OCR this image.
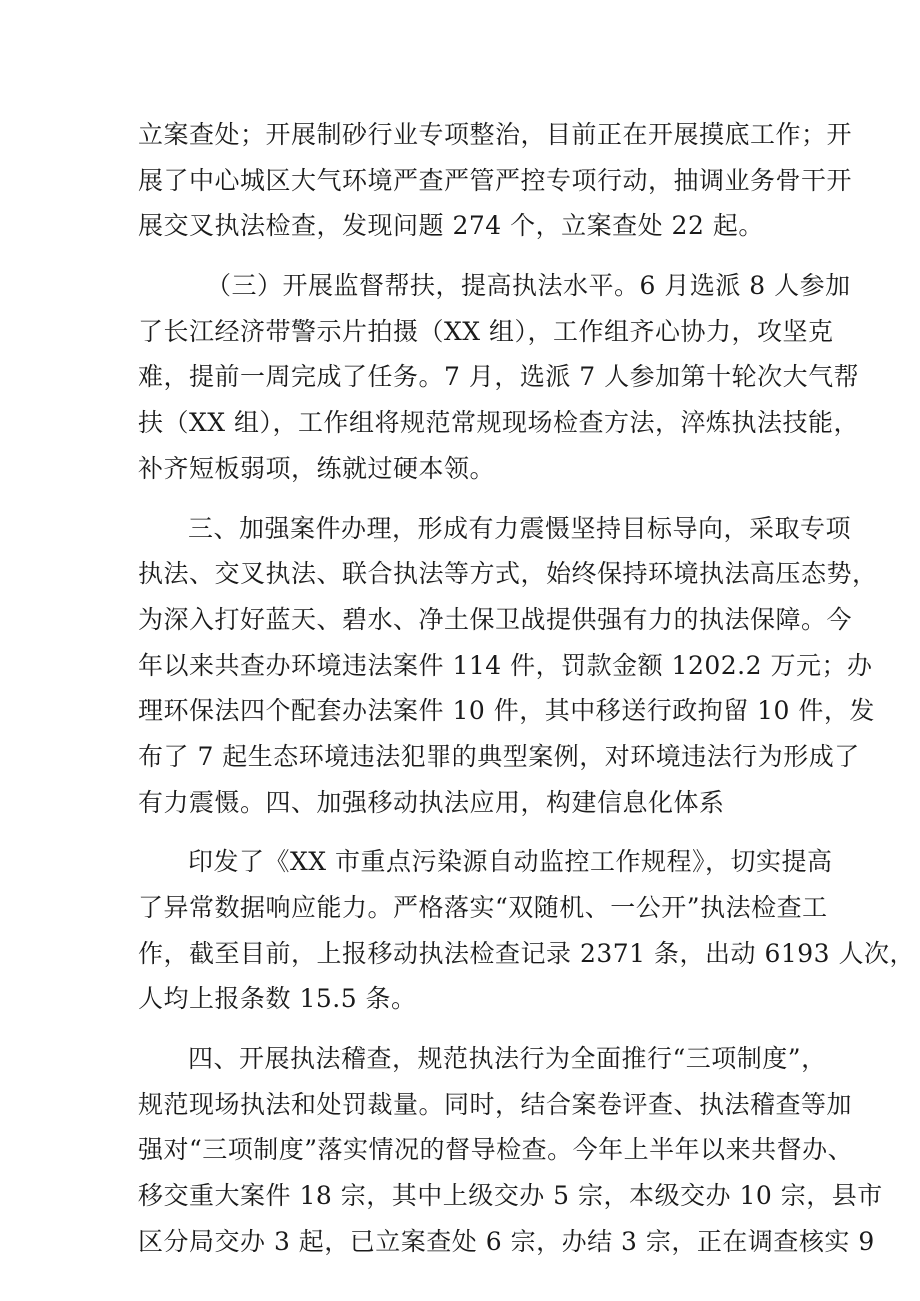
立案查处；开展制砂行业专项整治，目前正在开展摸底工作；开
展了中心城区大气环境严查严管严控专项行动，抽调业务骨干开
展交叉执法检查，发现问题 274 个，立案查处 22 起。
（三）开展监督帮扶，提高执法水平。6 月选派 8 人参加
了长江经济带警示片拍摄（XX 组），工作组齐心协力，攻坚克
难，提前一周完成了任务。7 月，选派 7 人参加第十轮次大气帮
扶（XX 组），工作组将规范常规现场检查方法，淬炼执法技能，
补齐短板弱项，练就过硬本领。
三、加强案件办理，形成有力震慑坚持目标导向，采取专项
执法、交叉执法、联合执法等方式，始终保持环境执法高压态势，
为深入打好蓝天、碧水、净土保卫战提供强有力的执法保障。今
年以来共查办环境违法案件 114 件，罚款金额 1202.2 万元；办
理环保法四个配套办法案件 10 件，其中移送行政拘留 10 件，发
布了 7 起生态环境违法犯罪的典型案例，对环境违法行为形成了
有力震慑。四、加强移动执法应用，构建信息化体系
印发了《XX 市重点污染源自动监控工作规程》，切实提高
了异常数据响应能力。严格落实“双随机、一公开”执法检查工
作，截至目前，上报移动执法检查记录 2371 条，出动 6193 人次，
人均上报条数 15.5 条。
四、开展执法稽查，规范执法行为全面推行“三项制度”，
规范现场执法和处罚裁量。同时，结合案卷评查、执法稽查等加
强对“三项制度”落实情况的督导检查。今年上半年以来共督办、
移交重大案件 18 宗，其中上级交办 5 宗，本级交办 10 宗，县市
区分局交办 3 起，已立案查处 6 宗，办结 3 宗，正在调查核实 9
